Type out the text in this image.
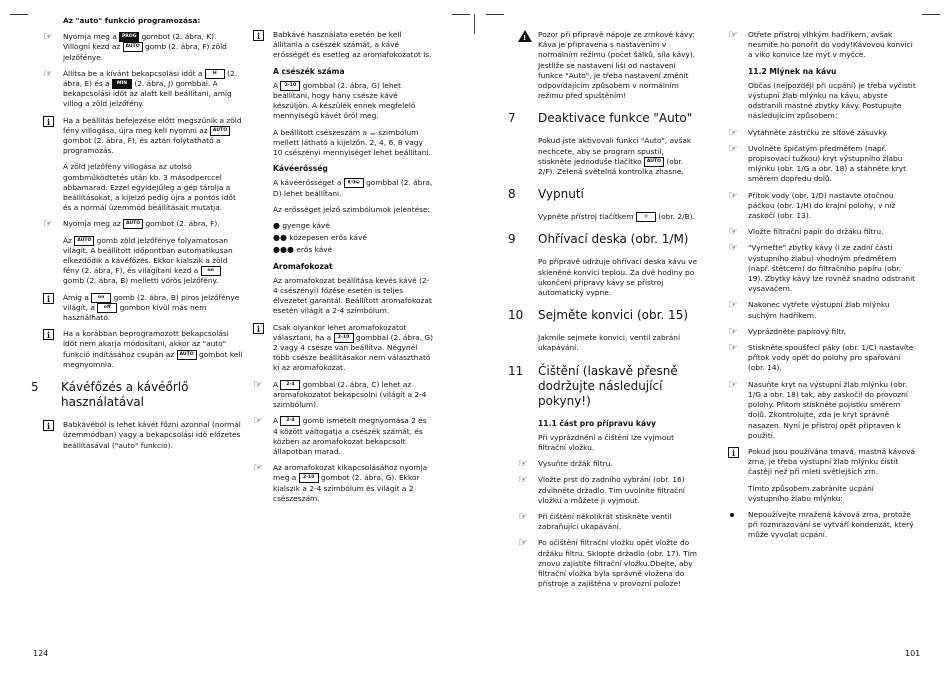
Az "auto" funkció programozása:

☞ Nyomja meg a PROG gombot (2. ábra, K). Villogni kezd az AUTO gomb (2. ábra, F) zöld jelzőfénye.
☞ Állítsa be a kívánt bekapcsolási időt a H (2. ábra, E) és a MIN (2. ábra, J) gombbal. A bekapcsolási időt az alatt kell beállítani, amíg villog a zöld jelzőfény.
i	Ha a beállítás befejezése előtt megszűnik a zöld fény villogása, újra meg kell nyomni az AUTO gombot (2. ábra, F), és aztán folytatható a programozás.

A zöld jelzőfény villogása az utolsó gombműködtetés után kb. 3 másodperccel abbamarad. Ezzel egyidejűleg a gép tárolja a beállításokat, a kijelző pedig újra a pontos időt és a normál üzemmód beállításait mutatja.

☞ Nyomja meg az AUTO gombot (2. ábra, F).

Az AUTO gomb zöld jelzőfénye folyamatosan világít. A beállított időpontban automatikusan elkezdődik a kávéfőzés. Ekkor kialszik a zöld fény (2. ábra, F), és világítani kezd a on gomb (2. ábra, B) melletti vörös jelzőfény.

i	Amíg a on gomb (2. ábra, B) piros jelzőfénye világít, a off gombon kívül más nem használható.
i	Ha a korábban beprogramozott bekapcsolási időt nem akarja módosítani, akkor az "auto" funkció indításához csupán az AUTO gombot kell megnyomnia.
5	Kávéfőzés a kávéőrlő használatával
i	Babkávéból is lehet kávét főzni azonnal (normál üzemmódban) vagy a bekapcsolási idő előzetes beállításával ("auto" funkció).
i	Babkávé használata esetén be kell állítania a csészék számát, a kávé erősségét és esetleg az aromafokozatot is.
A csészék száma

A 2-10 gombbal (2. ábra, G) lehet beállítani, hogy hány csésze kávé készüljön. A készülék ennek megfelelő mennyiségű kávét őröl meg.

A beállított csészeszám a ☕ szimbólum mellett látható a kijelzőn. 2, 4, 6, 8 vagy 10 csészényi mennyiséget lehet beállítani.

Kávéerősség

A kávéerősséget a ◐◑◒ gombbal (2. ábra, D) lehet beállítani.

Az erősséget jelző szimbólumok jelentése:

● gyenge kávé

●● közepesen erős kávé

●●● erős kávé

Aromafokozat

Az aromafokozat beállítása kevés kávé (2-4 csészényi) főzése esetén is teljes élvezetet garantál. Beállított aromafokozat esetén világít a 2-4 szimbólum.

i	Csak olyankor lehet aromafokozatot választani, ha a 2-10 gombbal (2. ábra, G) 2 vagy 4 csésze van beállítva. Négynél több csésze beállításakor nem választható ki az aromafokozat.
☞ A 2-4 gombbal (2. ábra, C) lehet az aromafokozatot bekapcsolni (világít a 2-4 szimbólum).
☞ A 2-4 gomb ismételt megnyomása 2 és 4 között váltogatja a csészék számát, és közben az aromafokozat bekapcsolt állapotban marad.
☞ Az aromafokozat kikapcsolásához nyomja meg a 2-10 gombot (2. ábra, G). Ekkor kialszik a 2-4 szimbólum és világít a 2 csészeszám.
124
! Pozor při přípravě nápoje ze zrnkové kávy: Káva je připravena s nastavením v normálním režimu (počet šálků, síla kávy). Jestliže se nastavení liší od nastavení funkce "Auto", je třeba nastavení změnit odpovídajícím způsobem v normálním režimu před spuštěním!
7	Deaktivace funkce "Auto"

Pokud jste aktivovali funkci "Auto", avšak nechcete, aby se program spustil, stiskněte jednoduše tlačítko AUTO (obr. 2/F). Zelená světelná kontrolka zhasne.

8	Vypnutí

Vypněte přístroj tlačítkem ◎ (obr. 2/B).

9	Ohřívací deska (obr. 1/M)

Po přípravě udržuje ohřívací deska kávu ve skleněné konvici teplou. Za dvě hodiny po ukončení přípravy kávy se přístroj automaticky vypne.

10	Sejměte konvici (obr. 15)

Jakmile sejmete konvici, ventil zabrání ukapávání.

11	Čištění (laskavě přesně dodržujte následující pokyny!)
11.1 část pro přípravu kávy

Při vyprázdnění a čištění lze vyjmout filtrační vložku.

☞ Vysuňte držák filtru.
☞ Vložte prst do zadního vybrání (obr. 16) zdvihněte držadlo. Tím uvolníte filtrační vložku a můžete ji vyjmout.
☞ Při čištění několikrát stiskněte ventil zabraňující ukapávání.
☞ Po očištění filtrační vložku opět vložte do držáku filtru. Sklopte držadlo (obr. 17). Tím znovu zajistíte filtrační vložku.Dbejte, aby filtrační vložka byla správně vložena do přístroje a zajištěna v provozní poloze!
☞ Otřete přístroj vlhkým hadříkem, avšak nesmíte ho ponořit do vody!Kávovou konvici a víko konvice lze mýt v myčce.
11.2 Mlýnek na kávu

Občas (nejpozději při ucpání) je třeba vyčistit výstupní žlab mlýnku na kávu, abyste odstranili mastné zbytky kávy. Postupujte následujícím způsobem:

☞ Vytáhněte zástrčku ze síťové zásuvky.
☞ Uvolněte špičatým předmětem (např. propisovací tužkou) kryt výstupního žlabu mlýnku (obr. 1/G a obr. 18) a stáhněte kryt směrem dopředu dolů.
☞ Přítok vody (obr. 1/D) nastavte otočnou páčkou (obr. 1/H) do krajní polohy, v níž zaskočí (obr. 13).
☞ Vložte filtrační papír do držáku filtru.
☞ "Vymeťte" zbytky kávy (i ze zadní části výstupního žlabu) vhodným předmětem (např. štětcem) do filtračního papíru (obr. 19). Zbytky kávy lze rovněž snadno odstranit vysavačem.
☞ Nakonec vytřete výstupní žlab mlýnku suchým hadříkem.
☞ Vyprázdněte papírový filtr.
☞ Stiskněte spoušťecí páky (obr. 1/C) nastavíte přítok vody opět do polohy pro spařování (obr. 14).
☞ Nasuňte kryt na výstupní žlab mlýnku (obr. 1/G a obr. 18) tak, aby zaskočil do provozní polohy. Přitom stiskněte pojistku směrem dolů. Zkontrolujte, zda je kryt správně nasazen. Nyní je přístroj opět připraven k použití.
i	Pokud jsou používána tmavá, mastná kávová zrna, je třeba výstupní žlab mlýnku čistit častěji než při mleti světlejších zrn.

Tímto způsobem zabráníte ucpání výstupního žlabu mlýnku:

Nepoužívejte mražená kávová zrna, protože při rozmrazování se vytváří kondenzát, který může vyvolat ucpání.
101
